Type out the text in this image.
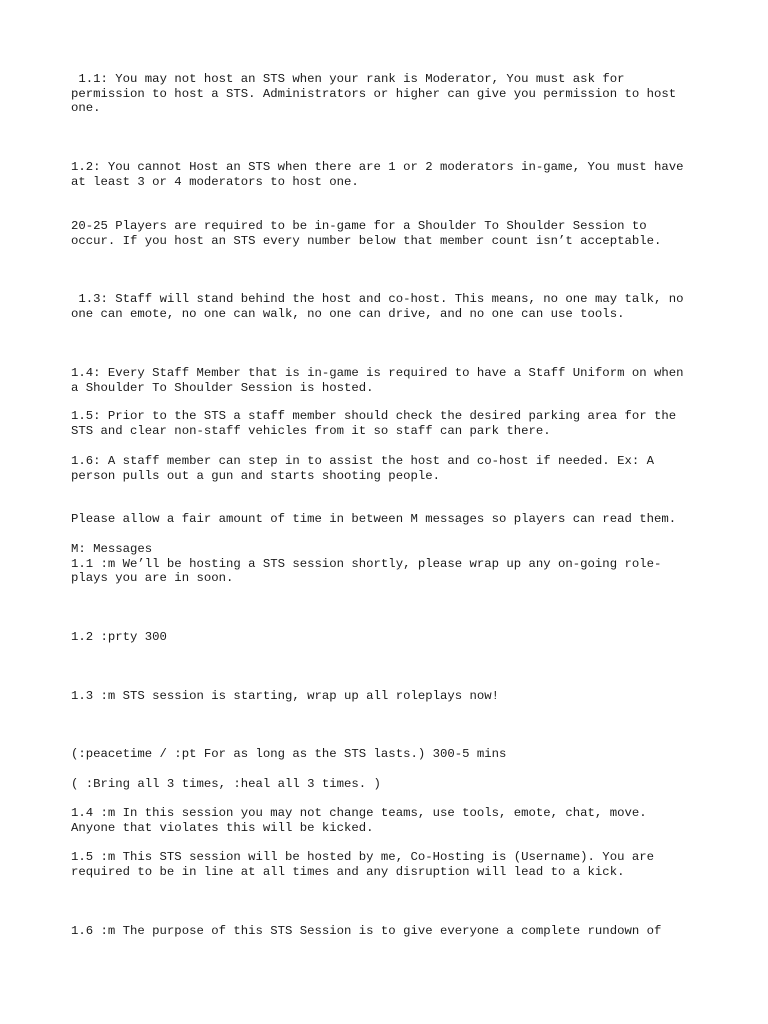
1.1: You may not host an STS when your rank is Moderator, You must ask for
permission to host a STS. Administrators or higher can give you permission to host
one.

1.2: You cannot Host an STS when there are 1 or 2 moderators in-game, You must have
at least 3 or 4 moderators to host one.

20-25 Players are required to be in-game for a Shoulder To Shoulder Session to
occur. If you host an STS every number below that member count isn’t acceptable.

1.3: Staff will stand behind the host and co-host. This means, no one may talk, no
one can emote, no one can walk, no one can drive, and no one can use tools.

1.4: Every Staff Member that is in-game is required to have a Staff Uniform on when
a Shoulder To Shoulder Session is hosted.

1.5: Prior to the STS a staff member should check the desired parking area for the
STS and clear non-staff vehicles from it so staff can park there.

1.6: A staff member can step in to assist the host and co-host if needed. Ex: A
person pulls out a gun and starts shooting people.

Please allow a fair amount of time in between M messages so players can read them.

M: Messages
1.1 :m We’ll be hosting a STS session shortly, please wrap up any on-going role-
plays you are in soon.

1.2 :prty 300

1.3 :m STS session is starting, wrap up all roleplays now!

(:peacetime / :pt For as long as the STS lasts.) 300-5 mins

( :Bring all 3 times, :heal all 3 times. )

1.4 :m In this session you may not change teams, use tools, emote, chat, move.
Anyone that violates this will be kicked.

1.5 :m This STS session will be hosted by me, Co-Hosting is (Username). You are
required to be in line at all times and any disruption will lead to a kick.

1.6 :m The purpose of this STS Session is to give everyone a complete rundown of
